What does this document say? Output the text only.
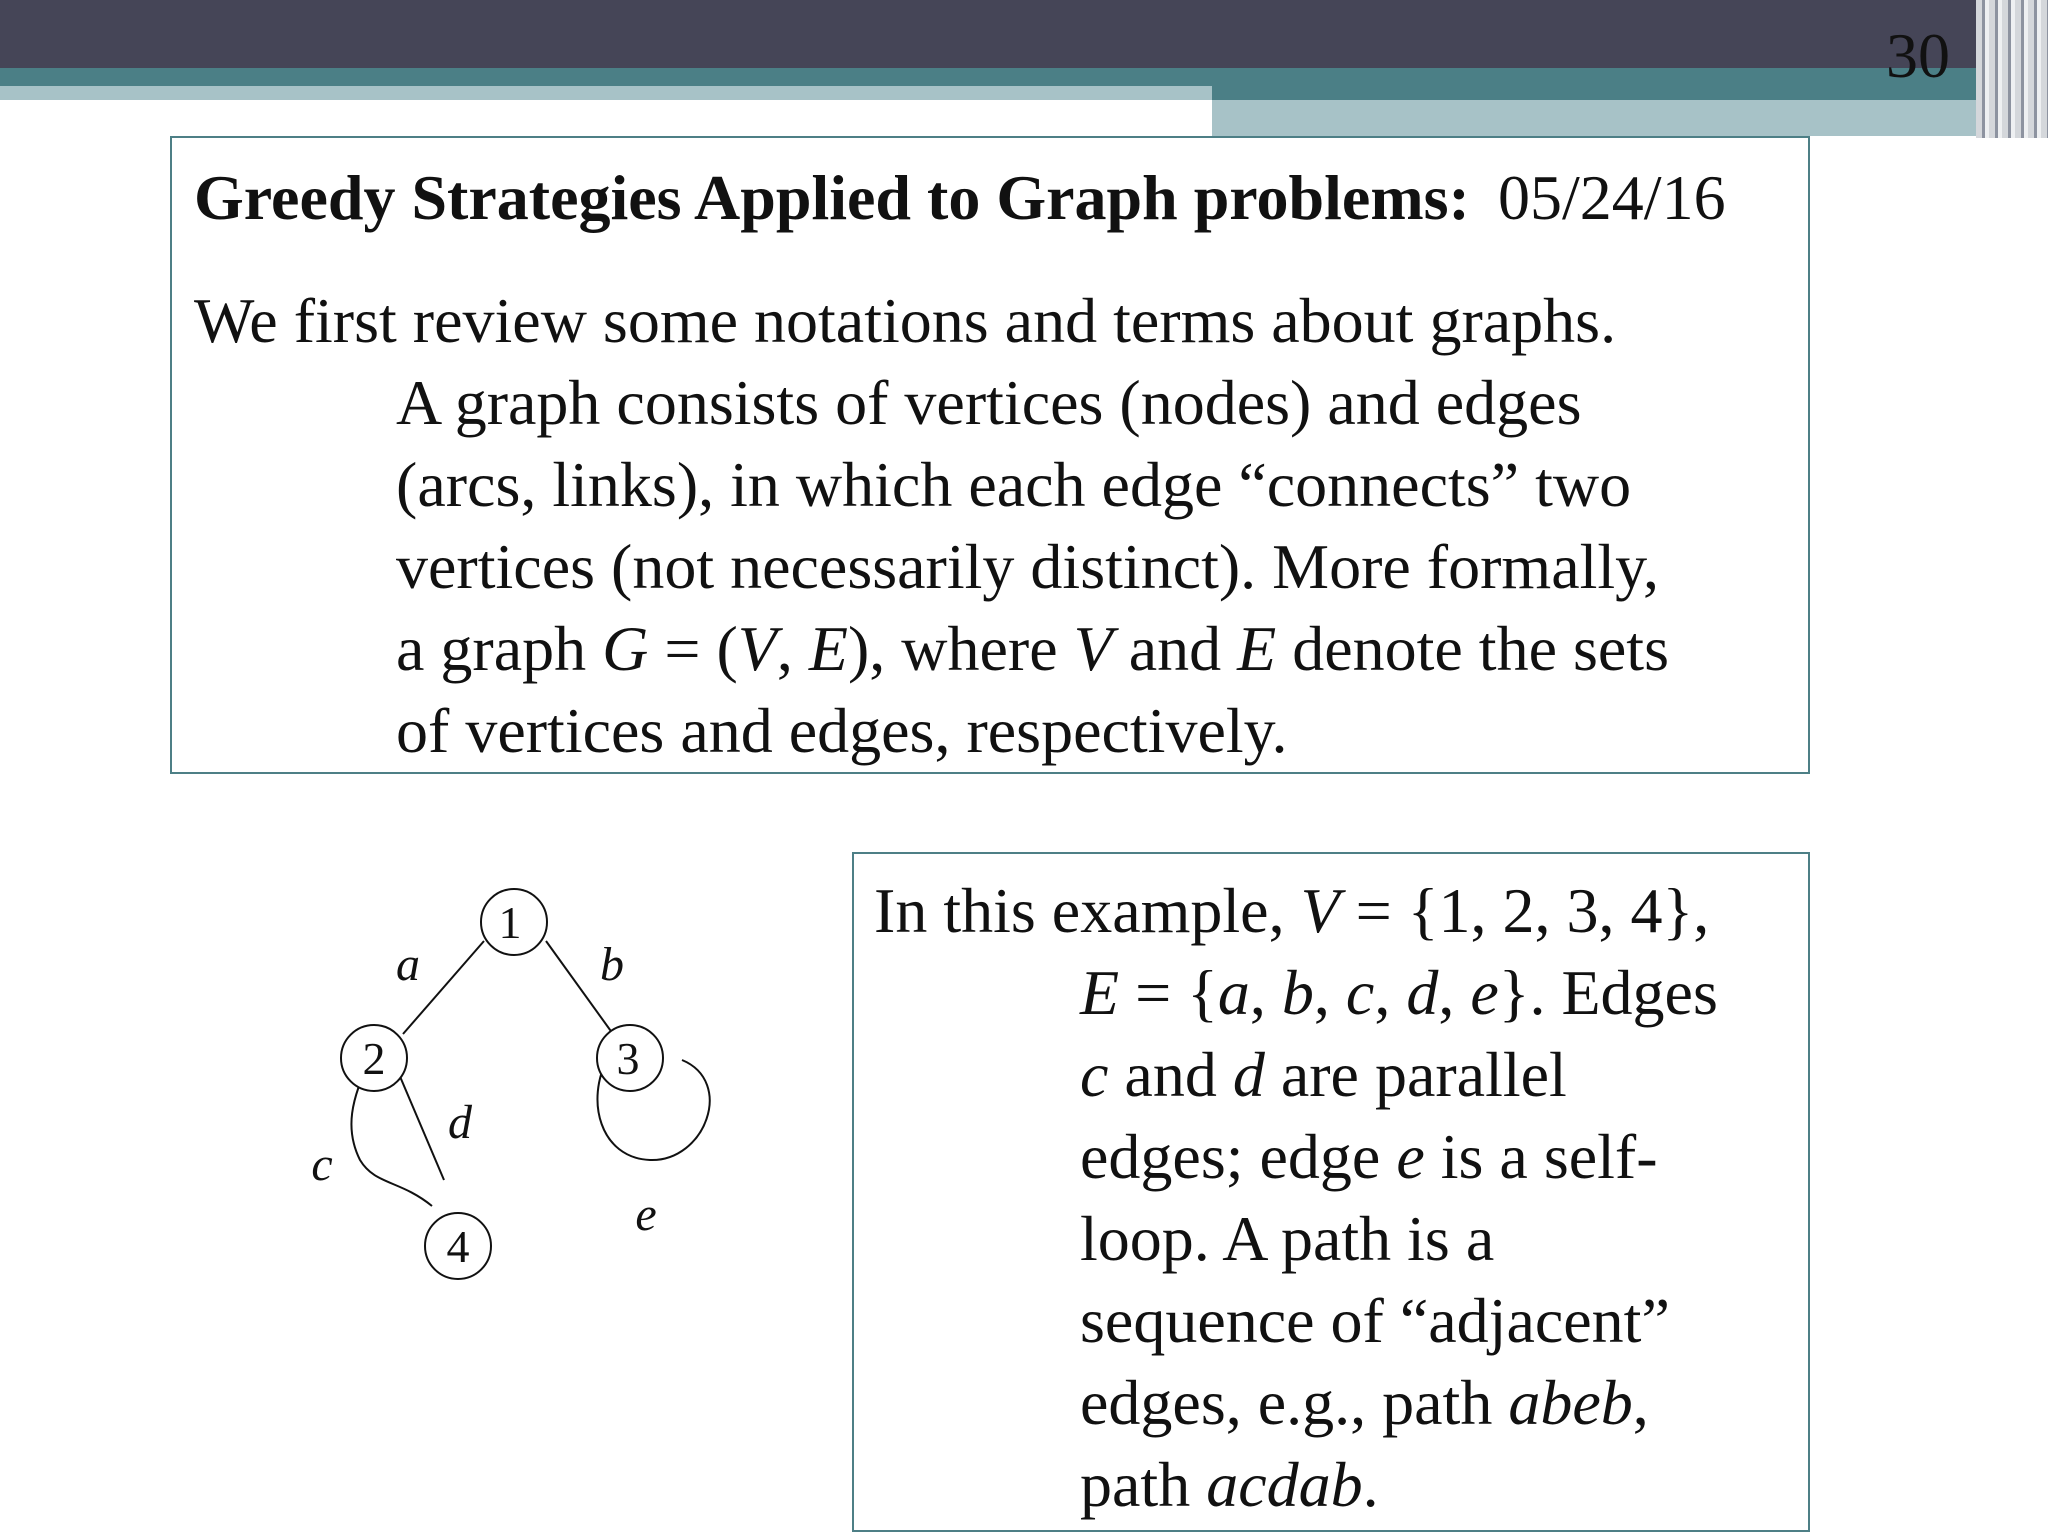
30
Greedy Strategies Applied to Graph problems: 05/24/16
We first review some notations and terms about graphs.
A graph consists of vertices (nodes) and edges
(arcs, links), in which each edge “connects” two
vertices (not necessarily distinct). More formally,
a graph G = (V, E), where V and E denote the sets
of vertices and edges, respectively.
1
2	3
4
a	b
c
d
e
In this example, V = {1, 2, 3, 4},
E = {a, b, c, d, e}. Edges
c and d are parallel
edges; edge e is a self-
loop. A path is a
sequence of “adjacent”
edges, e.g., path abeb,
path acdab.
